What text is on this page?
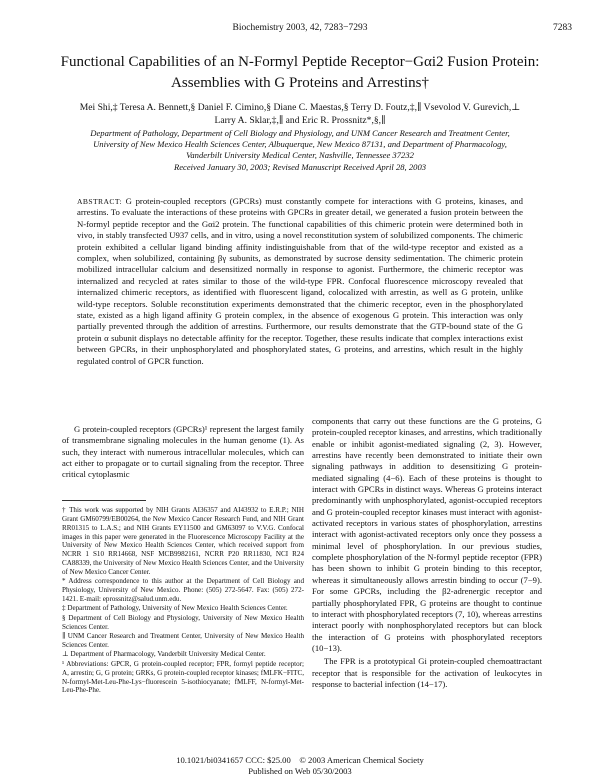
Biochemistry 2003, 42, 7283−7293	7283
Functional Capabilities of an N-Formyl Peptide Receptor−Gαi2 Fusion Protein:
Assemblies with G Proteins and Arrestins†
Mei Shi,‡ Teresa A. Bennett,§ Daniel F. Cimino,§ Diane C. Maestas,§ Terry D. Foutz,‡,∥ Vsevolod V. Gurevich,⊥
Larry A. Sklar,‡,∥ and Eric R. Prossnitz*,§,∥
Department of Pathology, Department of Cell Biology and Physiology, and UNM Cancer Research and Treatment Center,
University of New Mexico Health Sciences Center, Albuquerque, New Mexico 87131, and Department of Pharmacology,
Vanderbilt University Medical Center, Nashville, Tennessee 37232
Received January 30, 2003; Revised Manuscript Received April 28, 2003
ABSTRACT: G protein-coupled receptors (GPCRs) must constantly compete for interactions with G proteins, kinases, and arrestins. To evaluate the interactions of these proteins with GPCRs in greater detail, we generated a fusion protein between the N-formyl peptide receptor and the Gαi2 protein. The functional capabilities of this chimeric protein were determined both in vivo, in stably transfected U937 cells, and in vitro, using a novel reconstitution system of solubilized components. The chimeric protein exhibited a cellular ligand binding affinity indistinguishable from that of the wild-type receptor and existed as a complex, when solubilized, containing βγ subunits, as demonstrated by sucrose density sedimentation. The chimeric protein mobilized intracellular calcium and desensitized normally in response to agonist. Furthermore, the chimeric receptor was internalized and recycled at rates similar to those of the wild-type FPR. Confocal fluorescence microscopy revealed that internalized chimeric receptors, as identified with fluorescent ligand, colocalized with arrestin, as well as G protein, unlike wild-type receptors. Soluble reconstitution experiments demonstrated that the chimeric receptor, even in the phosphorylated state, existed as a high ligand affinity G protein complex, in the absence of exogenous G protein. This interaction was only partially prevented through the addition of arrestins. Furthermore, our results demonstrate that the GTP-bound state of the G protein α subunit displays no detectable affinity for the receptor. Together, these results indicate that complex interactions exist between GPCRs, in their unphosphorylated and phosphorylated states, G proteins, and arrestins, which result in the highly regulated control of GPCR function.

G protein-coupled receptors (GPCRs)¹ represent the largest family of transmembrane signaling molecules in the human genome (1). As such, they interact with numerous intracellular molecules, which can act either to propagate or to curtail signaling from the receptor. Three critical cytoplasmic

† This work was supported by NIH Grants AI36357 and AI43932 to E.R.P.; NIH Grant GM60799/EB00264, the New Mexico Cancer Research Fund, and NIH Grant RR01315 to L.A.S.; and NIH Grants EY11500 and GM63097 to V.V.G. Confocal images in this paper were generated in the Fluorescence Microscopy Facility at the University of New Mexico Health Sciences Center, which received support from NCRR 1 S10 RR14668, NSF MCB9982161, NCRR P20 RR11830, NCI R24 CA88339, the University of New Mexico Health Sciences Center, and the University of New Mexico Cancer Center.

* Address correspondence to this author at the Department of Cell Biology and Physiology, University of New Mexico. Phone: (505) 272-5647. Fax: (505) 272-1421. E-mail: eprossnitz@salud.unm.edu.

‡ Department of Pathology, University of New Mexico Health Sciences Center.

§ Department of Cell Biology and Physiology, University of New Mexico Health Sciences Center.

∥ UNM Cancer Research and Treatment Center, University of New Mexico Health Sciences Center.

⊥ Department of Pharmacology, Vanderbilt University Medical Center.

¹ Abbreviations: GPCR, G protein-coupled receptor; FPR, formyl peptide receptor; A, arrestin; G, G protein; GRKs, G protein-coupled receptor kinases; fMLFK−FITC, N-formyl-Met-Leu-Phe-Lys−fluorescein 5-isothiocyanate; fMLFF, N-formyl-Met-Leu-Phe-Phe.

components that carry out these functions are the G proteins, G protein-coupled receptor kinases, and arrestins, which traditionally enable or inhibit agonist-mediated signaling (2, 3). However, arrestins have recently been demonstrated to initiate their own signaling pathways in addition to desensitizing G protein-mediated signaling (4−6). Each of these proteins is thought to interact with GPCRs in distinct ways. Whereas G proteins interact predominantly with unphosphorylated, agonist-occupied receptors and G protein-coupled receptor kinases must interact with agonist-activated receptors in various states of phosphorylation, arrestins interact with agonist-activated receptors only once they possess a minimal level of phosphorylation. In our previous studies, complete phosphorylation of the N-formyl peptide receptor (FPR) has been shown to inhibit G protein binding to this receptor, whereas it simultaneously allows arrestin binding to occur (7−9). For some GPCRs, including the β2-adrenergic receptor and partially phosphorylated FPR, G proteins are thought to continue to interact with phosphorylated receptors (7, 10), whereas arrestins interact poorly with nonphosphorylated receptors but can block the interaction of G proteins with phosphorylated receptors (10−13).

The FPR is a prototypical Gi protein-coupled chemoattractant receptor that is responsible for the activation of leukocytes in response to bacterial infection (14−17).

10.1021/bi0341657 CCC: $25.00    © 2003 American Chemical Society
Published on Web 05/30/2003
